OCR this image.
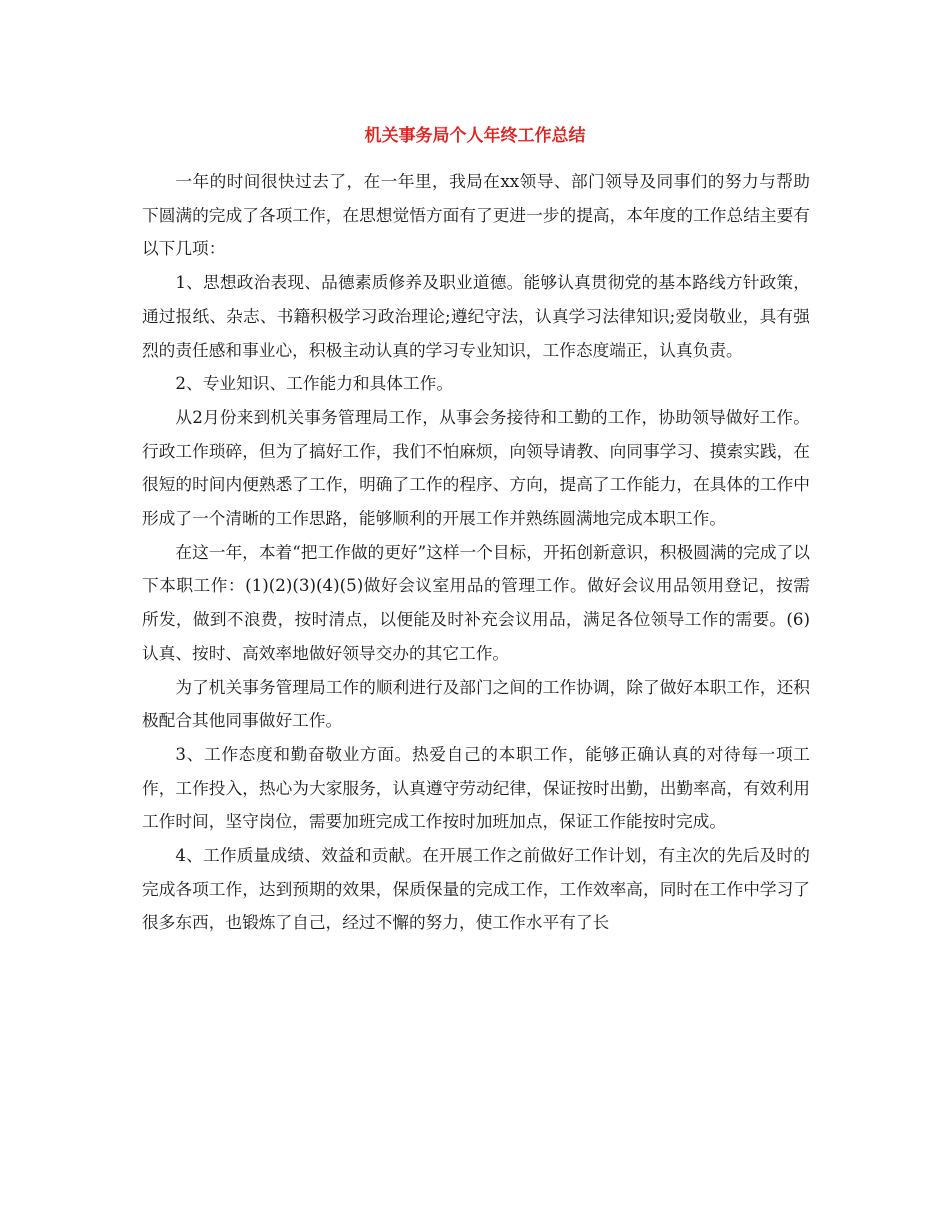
机关事务局个人年终工作总结

一年的时间很快过去了，在一年里，我局在xx领导、部门领导及同事们的努力与帮助下圆满的完成了各项工作，在思想觉悟方面有了更进一步的提高，本年度的工作总结主要有以下几项：

1、思想政治表现、品德素质修养及职业道德。能够认真贯彻党的基本路线方针政策，通过报纸、杂志、书籍积极学习政治理论;遵纪守法，认真学习法律知识;爱岗敬业，具有强烈的责任感和事业心，积极主动认真的学习专业知识，工作态度端正，认真负责。

2、专业知识、工作能力和具体工作。

从2月份来到机关事务管理局工作，从事会务接待和工勤的工作，协助领导做好工作。行政工作琐碎，但为了搞好工作，我们不怕麻烦，向领导请教、向同事学习、摸索实践，在很短的时间内便熟悉了工作，明确了工作的程序、方向，提高了工作能力，在具体的工作中形成了一个清晰的工作思路，能够顺利的开展工作并熟练圆满地完成本职工作。

在这一年，本着“把工作做的更好”这样一个目标，开拓创新意识，积极圆满的完成了以下本职工作：(1)(2)(3)(4)(5)做好会议室用品的管理工作。做好会议用品领用登记，按需所发，做到不浪费，按时清点，以便能及时补充会议用品，满足各位领导工作的需要。(6)认真、按时、高效率地做好领导交办的其它工作。

为了机关事务管理局工作的顺利进行及部门之间的工作协调，除了做好本职工作，还积极配合其他同事做好工作。

3、工作态度和勤奋敬业方面。热爱自己的本职工作，能够正确认真的对待每一项工作，工作投入，热心为大家服务，认真遵守劳动纪律，保证按时出勤，出勤率高，有效利用工作时间，坚守岗位，需要加班完成工作按时加班加点，保证工作能按时完成。

4、工作质量成绩、效益和贡献。在开展工作之前做好工作计划，有主次的先后及时的完成各项工作，达到预期的效果，保质保量的完成工作，工作效率高，同时在工作中学习了很多东西，也锻炼了自己，经过不懈的努力，使工作水平有了长
